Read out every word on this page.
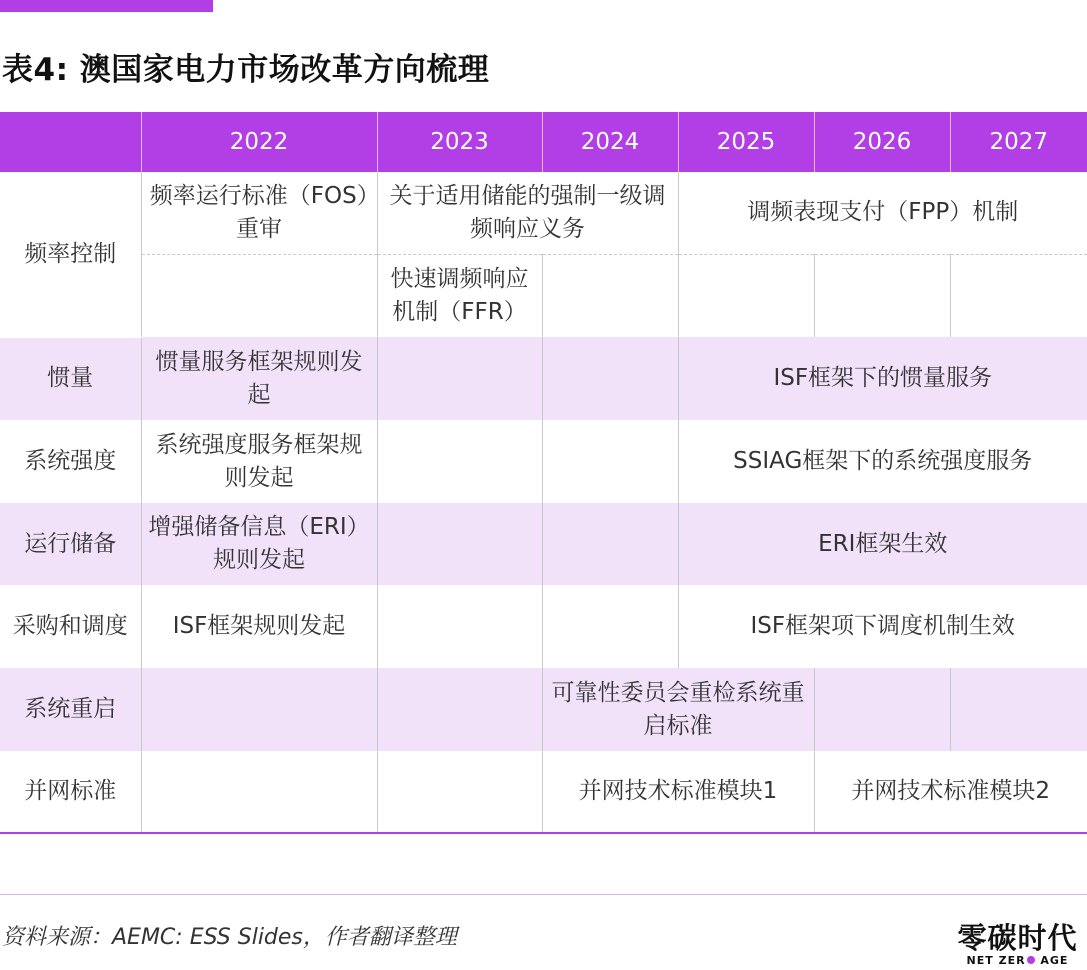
表4: 澳国家电力市场改革方向梳理
	2022	2023	2024	2025	2026	2027
频率控制	频率运行标准（FOS）重审	关于适用储能的强制一级调频响应义务		调频表现支付（FPP）机制		
		快速调频响应机制（FFR）				
惯量	惯量服务框架规则发起			ISF框架下的惯量服务		
系统强度	系统强度服务框架规则发起			SSIAG框架下的系统强度服务		
运行储备	增强储备信息（ERI）规则发起			ERI框架生效		
采购和调度	ISF框架规则发起			ISF框架项下调度机制生效		
系统重启			可靠性委员会重检系统重启标准			
并网标准			并网技术标准模块1		并网技术标准模块2	
资料来源：AEMC: ESS Slides，作者翻译整理	零碳时代
NET ZER AGE
